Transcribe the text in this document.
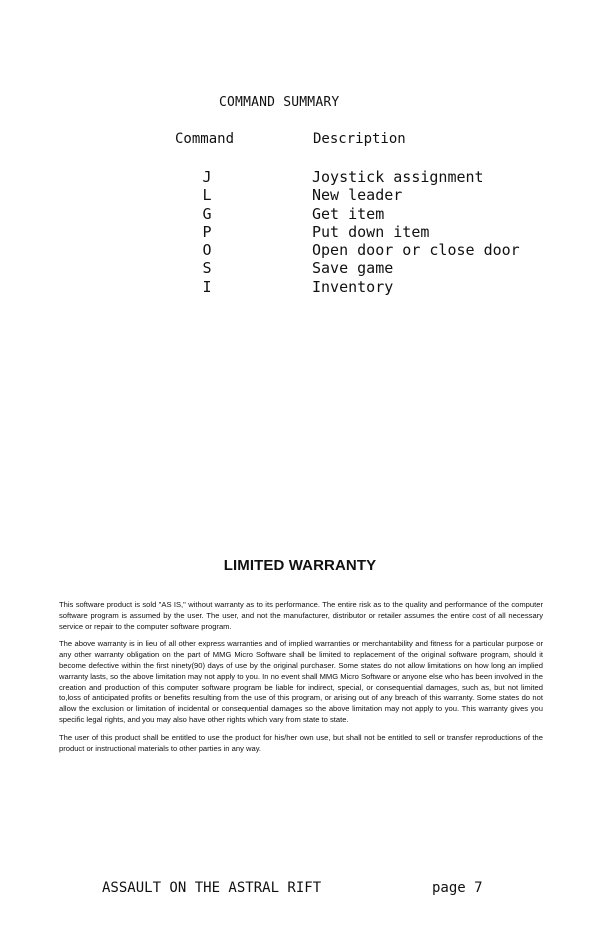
COMMAND SUMMARY
Command	Description
J	Joystick assignment
L	New leader
G	Get item
P	Put down item
O	Open door or close door
S	Save game
I	Inventory
LIMITED WARRANTY

This software product is sold "AS IS," without warranty as to its performance. The entire risk as to the quality and performance of the computer software program is assumed by the user. The user, and not the manufacturer, distributor or retailer assumes the entire cost of all necessary service or repair to the computer software program.

The above warranty is in lieu of all other express warranties and of implied warranties or merchantability and fitness for a particular purpose or any other warranty obligation on the part of MMG Micro Software shall be limited to replacement of the original software program, should it become defective within the first ninety(90) days of use by the original purchaser. Some states do not allow limitations on how long an implied warranty lasts, so the above limitation may not apply to you. In no event shall MMG Micro Software or anyone else who has been involved in the creation and production of this computer software program be liable for indirect, special, or consequential damages, such as, but not limited to,loss of anticipated profits or benefits resulting from the use of this program, or arising out of any breach of this warranty. Some states do not allow the exclusion or limitation of incidental or consequential damages so the above limitation may not apply to you. This warranty gives you specific legal rights, and you may also have other rights which vary from state to state.

The user of this product shall be entitled to use the product for his/her own use, but shall not be entitled to sell or transfer reproductions of the product or instructional materials to other parties in any way.

ASSAULT ON THE ASTRAL RIFT	page 7
